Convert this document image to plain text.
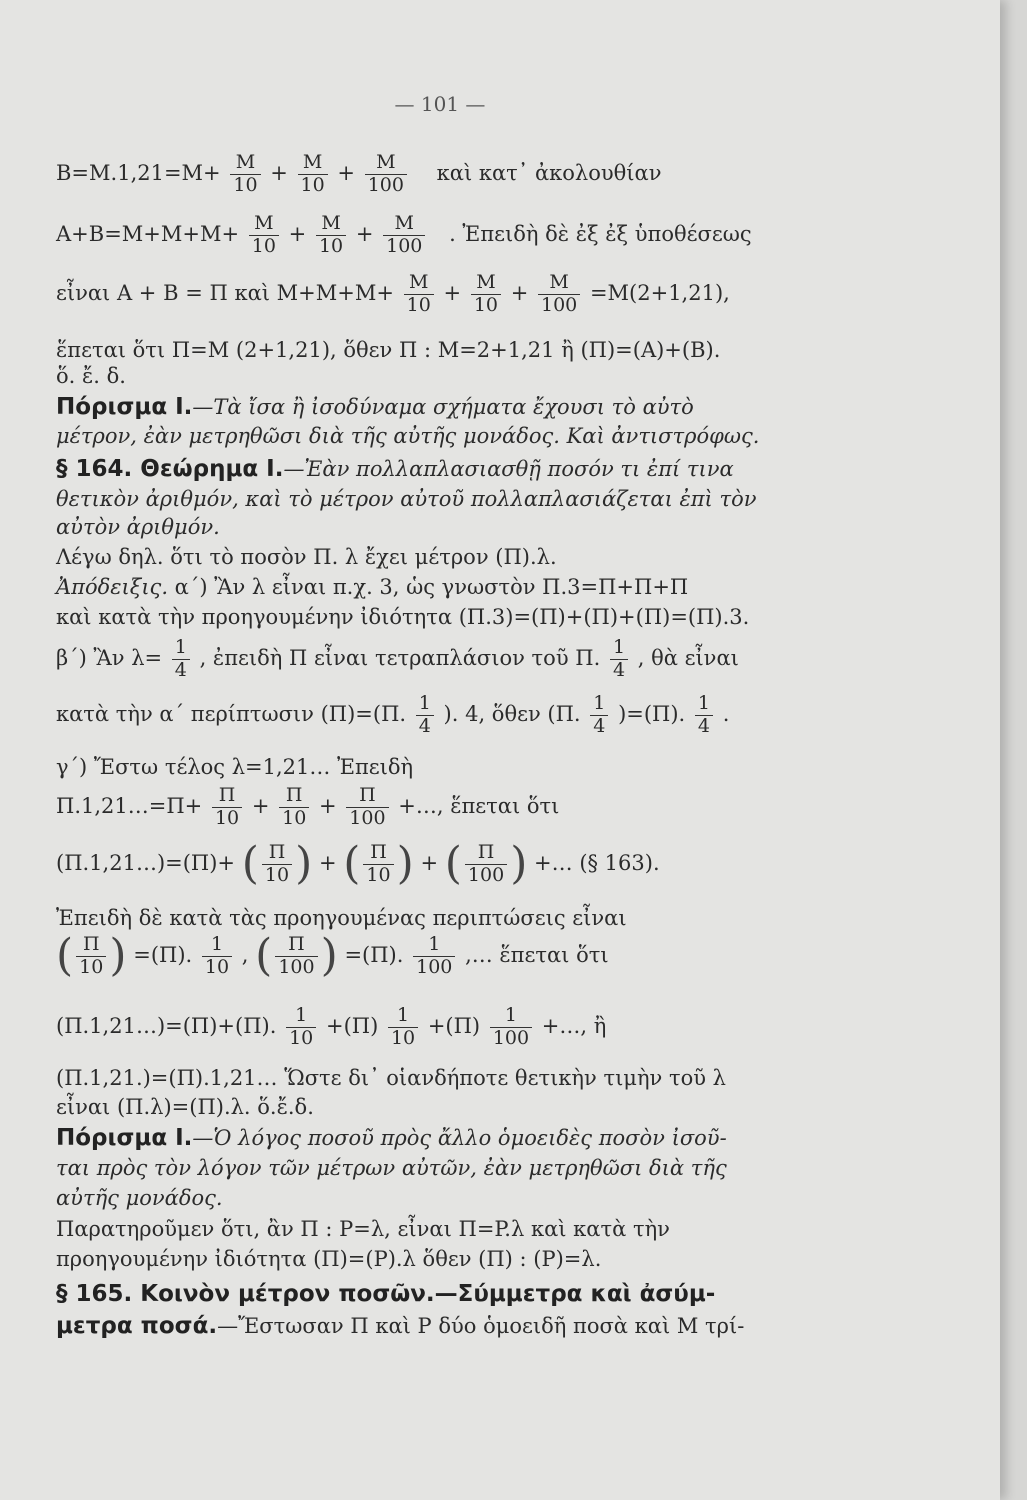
— 101 —
$B=M.1,21=M+ \frac{M}{10} + \frac{M}{10} + \frac{M}{100}$ καὶ κατ᾽ ἀκολουθίαν
$A+B=M+M+M+ \frac{M}{10} + \frac{M}{10} + \frac{M}{100}$ . Ἐπειδὴ δὲ ἐξ ἐξ ὑποθέσεως
εἶναι A + B = Π καὶ $M+M+M+ \frac{M}{10} + \frac{M}{10} + \frac{M}{100} =M(2+1,21)$,
ἕπεται ὅτι Π=M (2+1,21), ὅθεν Π : M=2+1,21 ἢ (Π)=(A)+(B).
ὅ. ἔ. δ.
Πόρισμα Ι.—Τὰ ἴσα ἢ ἰσοδύναμα σχήματα ἔχουσι τὸ αὐτὸ
μέτρον, ἐὰν μετρηθῶσι διὰ τῆς αὐτῆς μονάδος. Καὶ ἀντιστρόφως.
§ 164. Θεώρημα Ι.—Ἐὰν πολλαπλασιασθῇ ποσόν τι ἐπί τινα
θετικὸν ἀριθμόν, καὶ τὸ μέτρον αὐτοῦ πολλαπλασιάζεται ἐπὶ τὸν
αὐτὸν ἀριθμόν.
Λέγω δηλ. ὅτι τὸ ποσὸν Π. λ ἔχει μέτρον (Π).λ.
Ἀπόδειξις. α΄) Ἂν λ εἶναι π.χ. 3, ὡς γνωστὸν Π.3=Π+Π+Π
καὶ κατὰ τὴν προηγουμένην ἰδιότητα (Π.3)=(Π)+(Π)+(Π)=(Π).3.
β΄) Ἂν $\lambda= \frac{1}{4}$ , ἐπειδὴ Π εἶναι τετραπλάσιον τοῦ Π. $\frac{1}{4}$ , θὰ εἶναι
κατὰ τὴν α΄ περίπτωσιν (Π)=(Π. $\frac{1}{4}$ ). 4, ὅθεν (Π. $\frac{1}{4} )=(\Pi)$. $\frac{1}{4}$ .
γ΄) Ἔστω τέλος λ=1,21… Ἐπειδὴ
Π.1,21…=Π+ $\frac{\Pi}{10} + \frac{\Pi}{10} + \frac{\Pi}{100}$ +…, ἕπεται ὅτι
(Π.1,21…)=(Π)+ ( $\frac{\Pi}{10}$ ) + ( $\frac{\Pi}{10}$ ) + ( $\frac{\Pi}{100}$ ) +… (§ 163).
Ἐπειδὴ δὲ κατὰ τὰς προηγουμένας περιπτώσεις εἶναι
( $\frac{\Pi}{10}$ ) =(Π). $\frac{1}{10}$ , ( $\frac{\Pi}{100}$ ) =(Π). $\frac{1}{100}$ ,… ἕπεται ὅτι
(Π.1,21…)=(Π)+(Π). $\frac{1}{10} +(\Pi) \frac{1}{10} +(\Pi) \frac{1}{100}$ +…, ἢ
(Π.1,21.)=(Π).1,21… Ὥστε δι᾽ οἱανδήποτε θετικὴν τιμὴν τοῦ λ
εἶναι (Π.λ)=(Π).λ. ὅ.ἔ.δ.
Πόρισμα Ι.—Ὁ λόγος ποσοῦ πρὸς ἄλλο ὁμοειδὲς ποσὸν ἰσοῦ-
ται πρὸς τὸν λόγον τῶν μέτρων αὐτῶν, ἐὰν μετρηθῶσι διὰ τῆς
αὐτῆς μονάδος.
Παρατηροῦμεν ὅτι, ἂν Π : P=λ, εἶναι Π=P.λ καὶ κατὰ τὴν
προηγουμένην ἰδιότητα (Π)=(P).λ ὅθεν (Π) : (P)=λ.
§ 165. Κοινὸν μέτρον ποσῶν.—Σύμμετρα καὶ ἀσύμ-
μετρα ποσά.—Ἔστωσαν Π καὶ P δύο ὁμοειδῆ ποσὰ καὶ M τρί-
